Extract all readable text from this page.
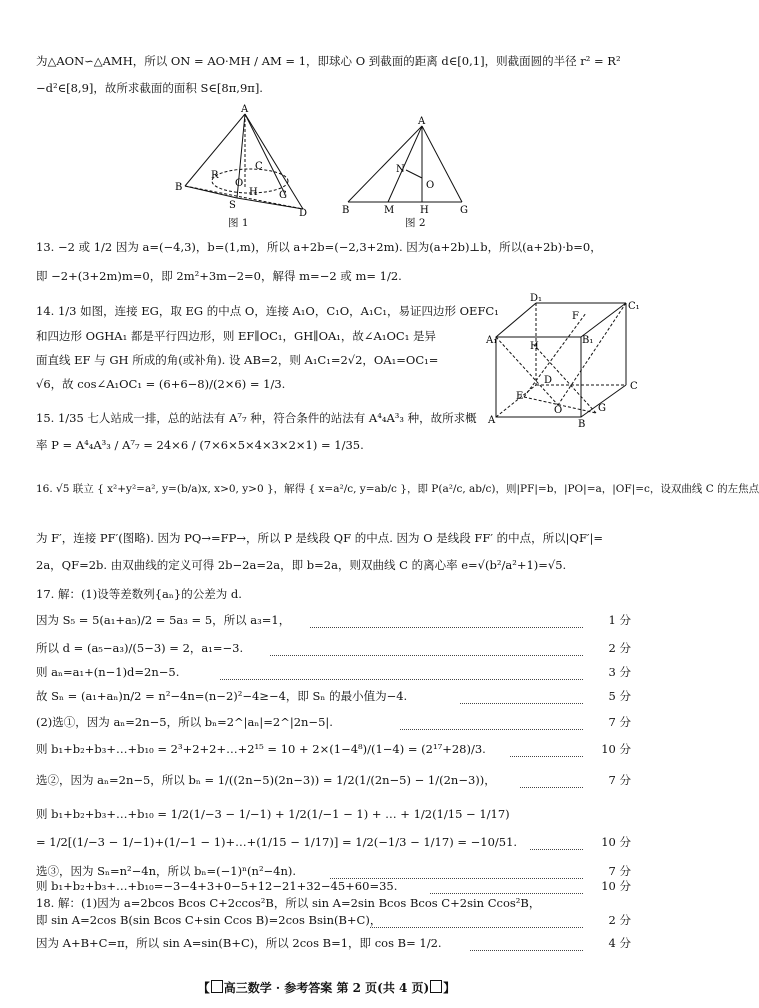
为△AON∽△AMH，所以 ON = AO·MH / AM = 1，即球心 O 到截面的距离 d∈[0,1]，则截面圆的半径 r² = R²
−d²∈[8,9]，故所求截面的面积 S∈[8π,9π].
A
B
R
C
O
H G
S
D
图 1
A
N
O
B	M	H	G
图 2
13. −2 或 1/2 因为 a=(−4,3)，b=(1,m)，所以 a+2b=(−2,3+2m). 因为(a+2b)⊥b，所以(a+2b)·b=0，
即 −2+(3+2m)m=0，即 2m²+3m−2=0，解得 m=−2 或 m= 1/2.
14. 1/3 如图，连接 EG，取 EG 的中点 O，连接 A₁O，C₁O，A₁C₁，易证四边形 OEFC₁
和四边形 OGHA₁ 都是平行四边形，则 EF∥OC₁，GH∥OA₁，故∠A₁OC₁ 是异
面直线 EF 与 GH 所成的角(或补角). 设 AB=2，则 A₁C₁=2√2，OA₁=OC₁=
√6，故 cos∠A₁OC₁ = (6+6−8)/(2×6) = 1/3.
D₁
C₁
A₁	B₁
F
H
D
C
E
O
A
G
B
15. 1/35 七人站成一排，总的站法有 A⁷₇ 种，符合条件的站法有 A⁴₄A³₃ 种，故所求概
率 P = A⁴₄A³₃ / A⁷₇ = 24×6 / (7×6×5×4×3×2×1) = 1/35.
16. √5 联立 { x²+y²=a², y=(b/a)x, x>0, y>0 }，解得 { x=a²/c, y=ab/c }，即 P(a²/c, ab/c)，则|PF|=b，|PO|=a，|OF|=c，设双曲线 C 的左焦点
为 F′，连接 PF′(图略). 因为 PQ→=FP→，所以 P 是线段 QF 的中点. 因为 O 是线段 FF′ 的中点，所以|QF′|=
2a，QF=2b. 由双曲线的定义可得 2b−2a=2a，即 b=2a，则双曲线 C 的离心率 e=√(b²/a²+1)=√5.
17. 解：(1)设等差数列{aₙ}的公差为 d.
因为 S₅ = 5(a₁+a₅)/2 = 5a₃ = 5，所以 a₃=1，	1 分
所以 d = (a₅−a₃)/(5−3) = 2，a₁=−3.	2 分
则 aₙ=a₁+(n−1)d=2n−5.	3 分
故 Sₙ = (a₁+aₙ)n/2 = n²−4n=(n−2)²−4≥−4，即 Sₙ 的最小值为−4.	5 分
(2)选①，因为 aₙ=2n−5，所以 bₙ=2^|aₙ|=2^|2n−5|.	7 分
则 b₁+b₂+b₃+…+b₁₀ = 2³+2+2+…+2¹⁵ = 10 + 2×(1−4⁸)/(1−4) = (2¹⁷+28)/3.	10 分
选②，因为 aₙ=2n−5，所以 bₙ = 1/((2n−5)(2n−3)) = 1/2(1/(2n−5) − 1/(2n−3))，	7 分
则 b₁+b₂+b₃+…+b₁₀ = 1/2(1/−3 − 1/−1) + 1/2(1/−1 − 1) + … + 1/2(1/15 − 1/17)
= 1/2[(1/−3 − 1/−1)+(1/−1 − 1)+…+(1/15 − 1/17)] = 1/2(−1/3 − 1/17) = −10/51.	10 分
选③，因为 Sₙ=n²−4n，所以 bₙ=(−1)ⁿ(n²−4n).	7 分
则 b₁+b₂+b₃+…+b₁₀=−3−4+3+0−5+12−21+32−45+60=35.	10 分
18. 解：(1)因为 a=2bcos Bcos C+2ccos²B，所以 sin A=2sin Bcos Bcos C+2sin Ccos²B，
即 sin A=2cos B(sin Bcos C+sin Ccos B)=2cos Bsin(B+C)，	2 分
因为 A+B+C=π，所以 sin A=sin(B+C)，所以 2cos B=1，即 cos B= 1/2.	4 分
【 高三数学 · 参考答案 第 2 页(共 4 页) 】
